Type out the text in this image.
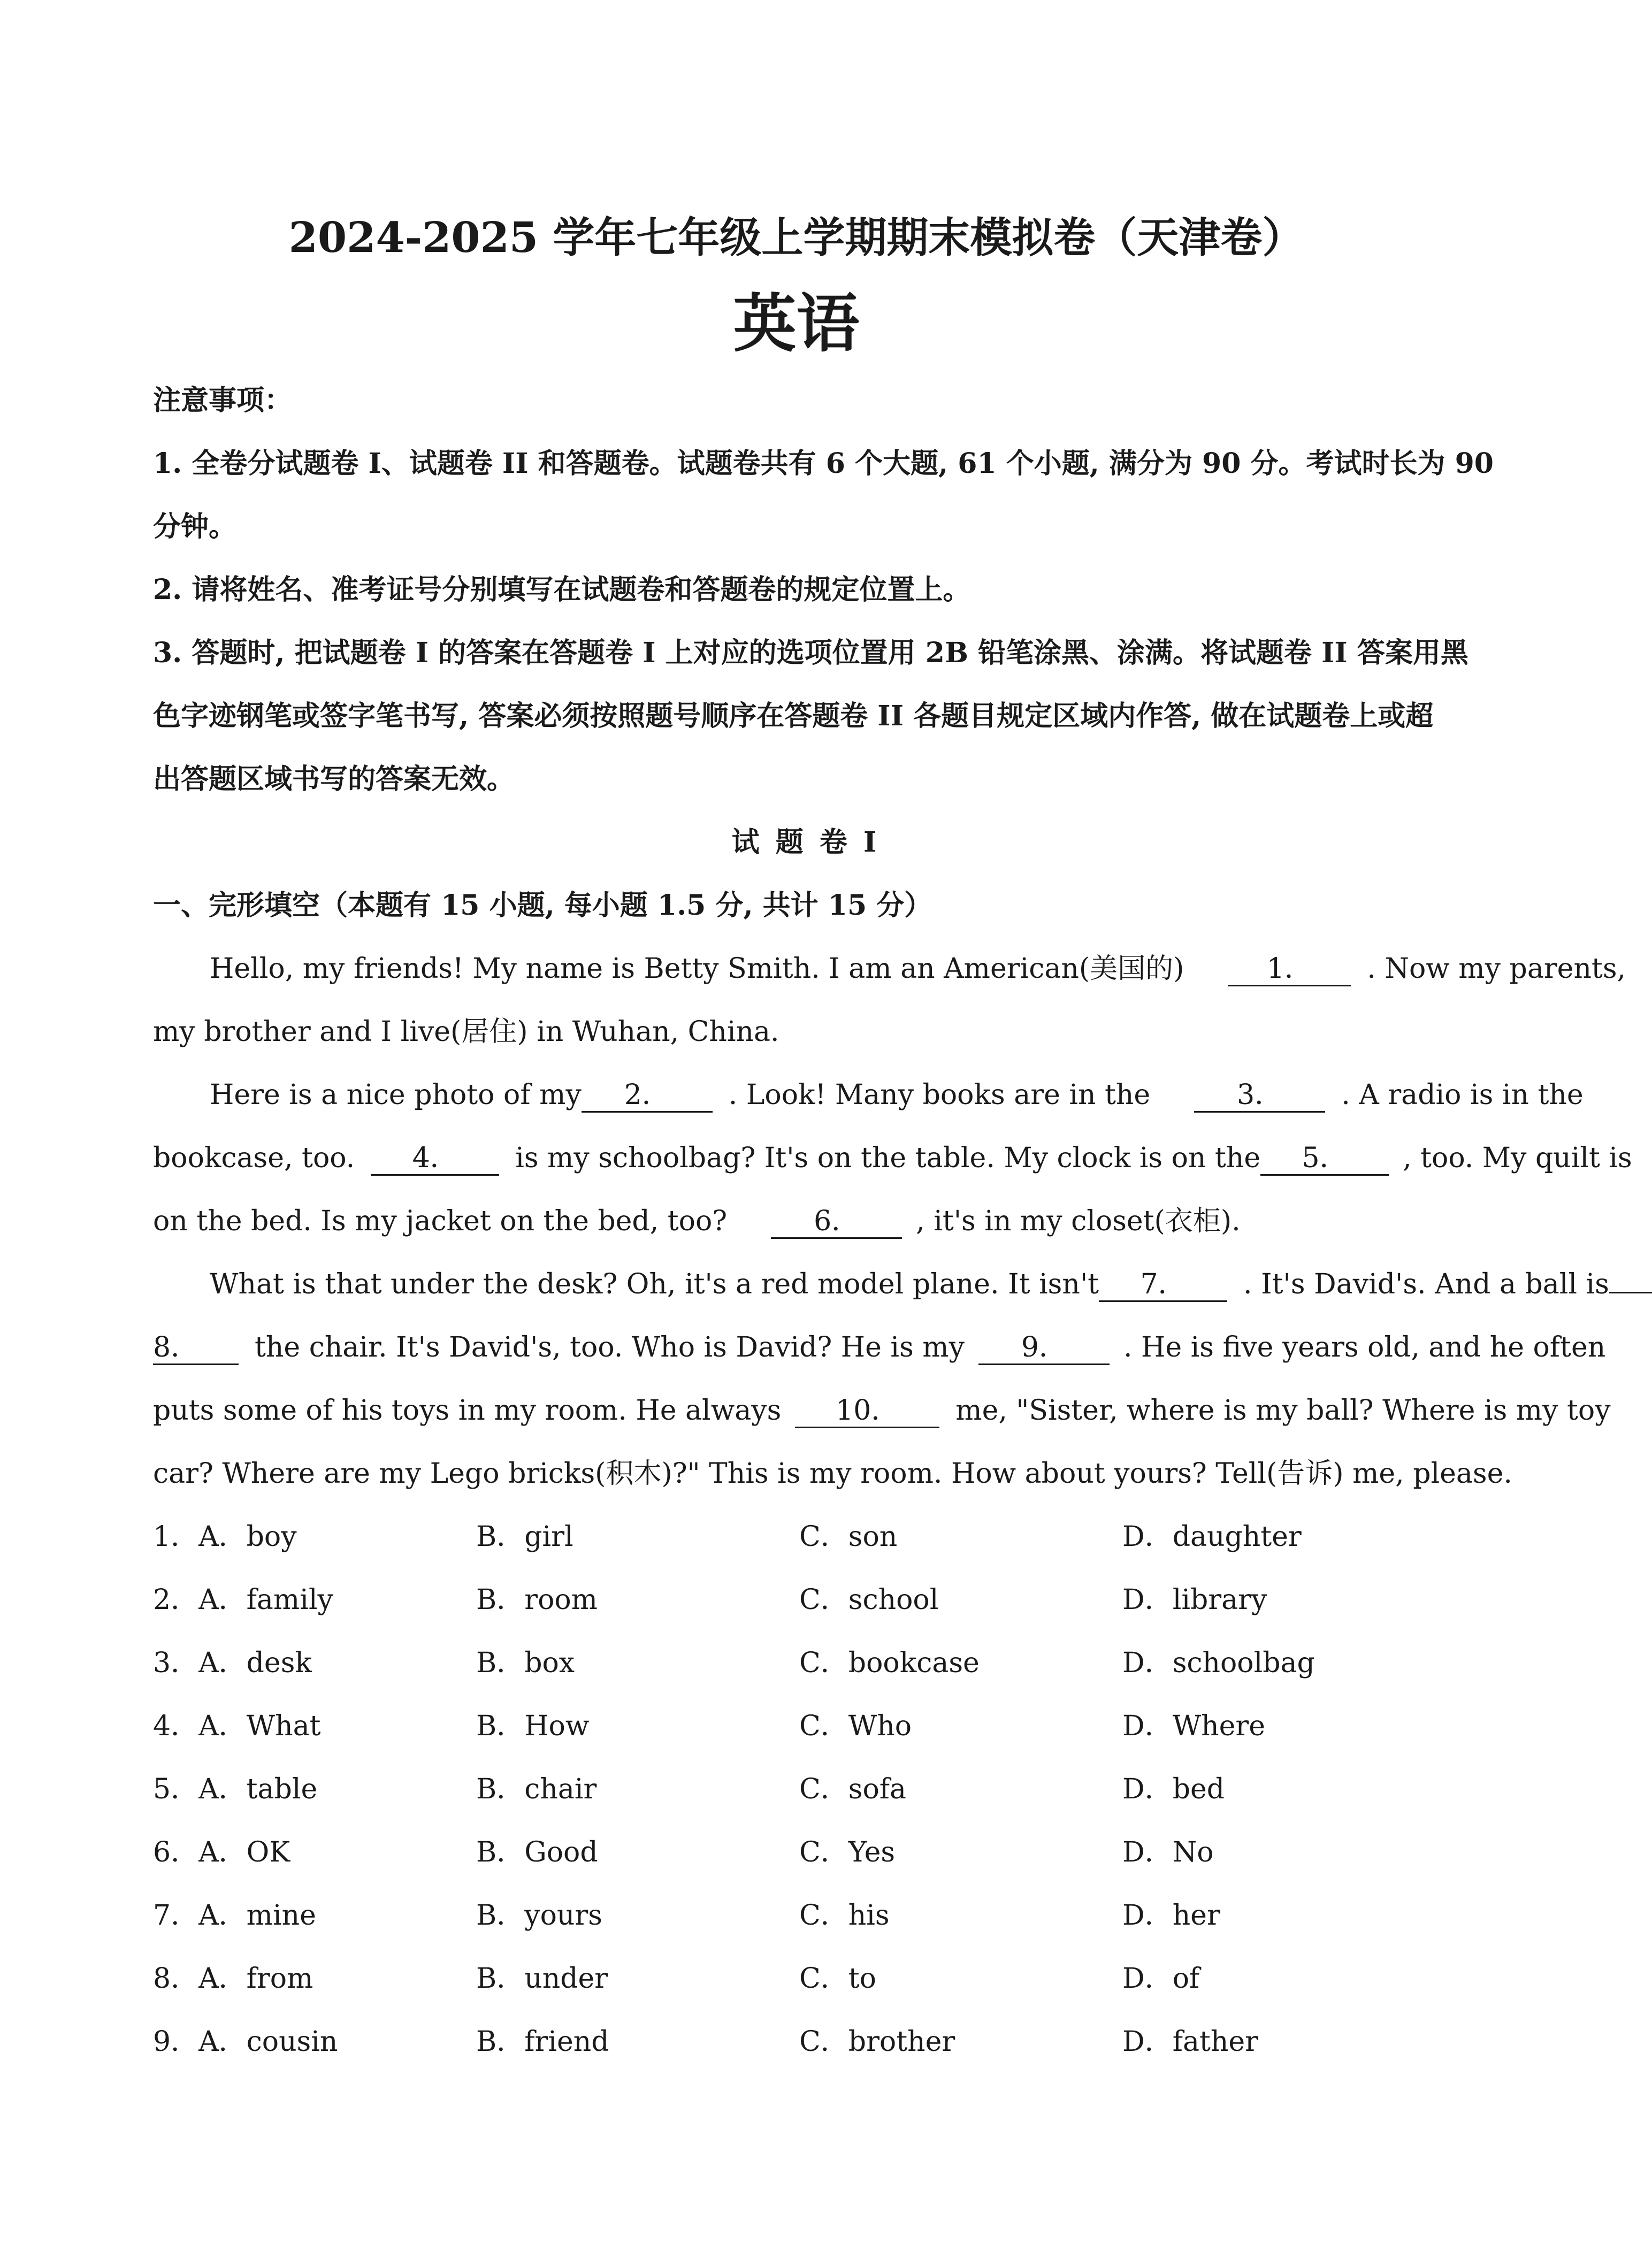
2024-2025 学年七年级上学期期末模拟卷（天津卷）
英语
注意事项：
1. 全卷分试题卷 I、试题卷 II 和答题卷。试题卷共有 6 个大题, 61 个小题, 满分为 90 分。考试时长为 90
分钟。
2. 请将姓名、准考证号分别填写在试题卷和答题卷的规定位置上。
3. 答题时, 把试题卷 I 的答案在答题卷 I 上对应的选项位置用 2B 铅笔涂黑、涂满。将试题卷 II 答案用黑
色字迹钢笔或签字笔书写, 答案必须按照题号顺序在答题卷 II 各题目规定区域内作答, 做在试题卷上或超
出答题区域书写的答案无效。
试 题 卷 I
一、完形填空（本题有 15 小题, 每小题 1.5 分, 共计 15 分）
Hello, my friends! My name is Betty Smith. I am an American(美国的)	1． . Now my parents,
my brother and I live(居住) in Wuhan, China.
Here is a nice photo of my 2． . Look! Many books are in the	3． . A radio is in the
bookcase, too. 4． is my schoolbag? It's on the table. My clock is on the 5． , too. My quilt is
on the bed. Is my jacket on the bed, too?	6． , it's in my closet(衣柜).
What is that under the desk? Oh, it's a red model plane. It isn't 7． . It's David's. And a ball is
8． the chair. It's David's, too. Who is David? He is my 9． . He is five years old, and he often
puts some of his toys in my room. He always 10． me, "Sister, where is my ball? Where is my toy
car? Where are my Lego bricks(积木)?" This is my room. How about yours? Tell(告诉) me, please.
1．A．boy	B．girl	C．son	D．daughter
2．A．family	B．room	C．school	D．library
3．A．desk	B．box	C．bookcase	D．schoolbag
4．A．What	B．How	C．Who	D．Where
5．A．table	B．chair	C．sofa	D．bed
6．A．OK	B．Good	C．Yes	D．No
7．A．mine	B．yours	C．his	D．her
8．A．from	B．under	C．to	D．of
9．A．cousin	B．friend	C．brother	D．father
